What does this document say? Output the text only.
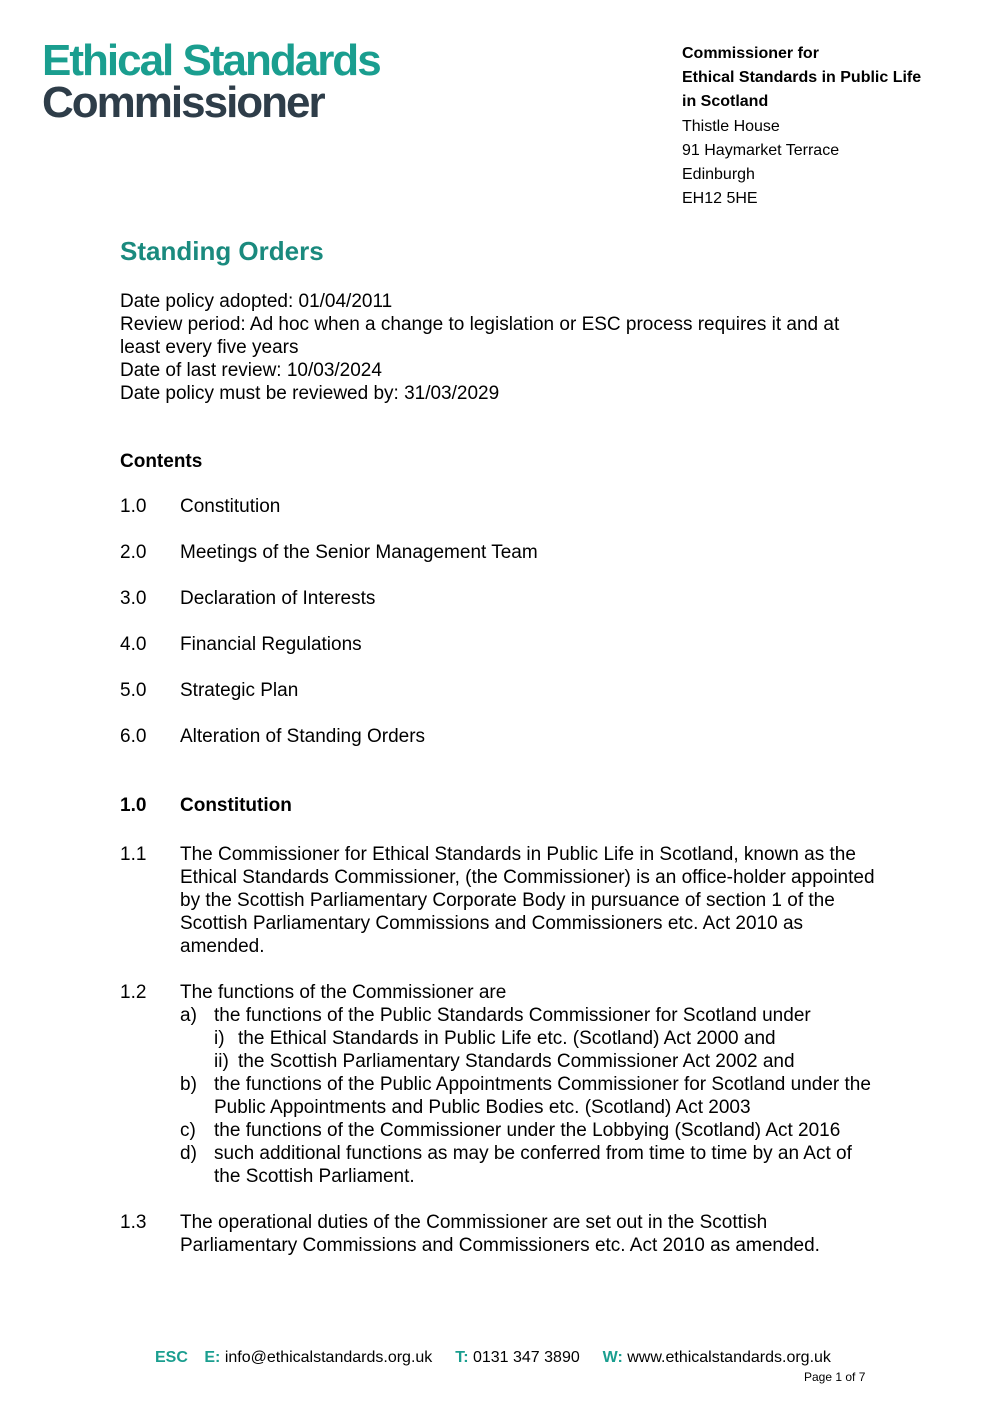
Ethical Standards
Commissioner
Commissioner for
Ethical Standards in Public Life
in Scotland
Thistle House
91 Haymarket Terrace
Edinburgh
EH12 5HE
Standing Orders
Date policy adopted: 01/04/2011
Review period: Ad hoc when a change to legislation or ESC process requires it and at least every five years
Date of last review: 10/03/2024
Date policy must be reviewed by: 31/03/2029
Contents
1.0	Constitution
2.0	Meetings of the Senior Management Team
3.0	Declaration of Interests
4.0	Financial Regulations
5.0	Strategic Plan
6.0	Alteration of Standing Orders
1.0	Constitution
1.1	The Commissioner for Ethical Standards in Public Life in Scotland, known as the Ethical Standards Commissioner, (the Commissioner) is an office-holder appointed by the Scottish Parliamentary Corporate Body in pursuance of section 1 of the Scottish Parliamentary Commissions and Commissioners etc. Act 2010 as amended.
1.2	The functions of the Commissioner are
a) the functions of the Public Standards Commissioner for Scotland under
i) the Ethical Standards in Public Life etc. (Scotland) Act 2000 and
ii) the Scottish Parliamentary Standards Commissioner Act 2002 and
b) the functions of the Public Appointments Commissioner for Scotland under the Public Appointments and Public Bodies etc. (Scotland) Act 2003
c) the functions of the Commissioner under the Lobbying (Scotland) Act 2016
d) such additional functions as may be conferred from time to time by an Act of the Scottish Parliament.
1.3	The operational duties of the Commissioner are set out in the Scottish Parliamentary Commissions and Commissioners etc. Act 2010 as amended.
ESC E: info@ethicalstandards.org.uk T: 0131 347 3890 W: www.ethicalstandards.org.uk
Page 1 of 7
